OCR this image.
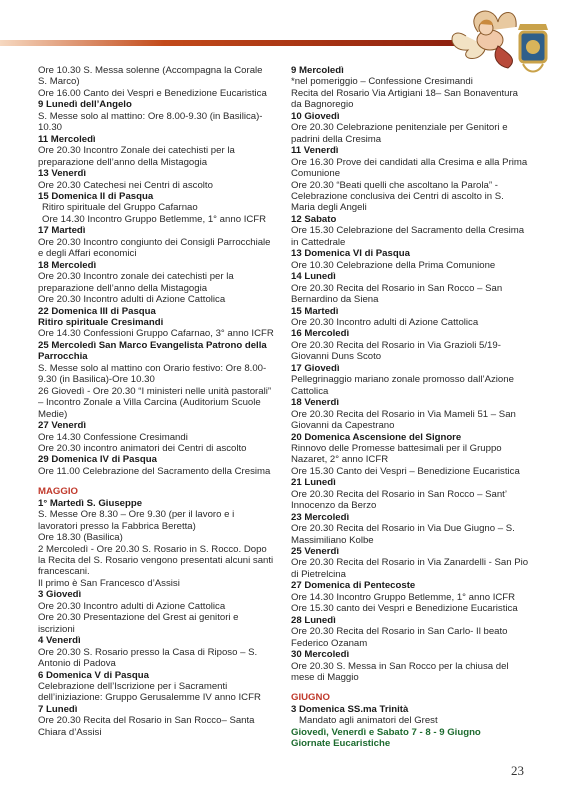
Ore 10.30 S. Messa solenne (Accompagna la Corale S. Marco)

Ore 16.00 Canto dei Vespri e Benedizione Eucaristica

9 Lunedì dell’Angelo

S. Messe solo al mattino: Ore 8.00-9.30 (in Basilica)- 10.30

11 Mercoledì

Ore 20.30 Incontro Zonale dei catechisti per la preparazione dell’anno della Mistagogia

13 Venerdì

Ore 20.30 Catechesi nei Centri di ascolto

15 Domenica II di Pasqua

Ritiro spirituale del Gruppo Cafarnao

Ore 14.30 Incontro Gruppo Betlemme, 1° anno ICFR

17 Martedì

Ore 20.30 Incontro congiunto dei Consigli Parrocchiale e degli Affari economici

18 Mercoledì

Ore 20.30 Incontro zonale dei catechisti per la preparazione dell’anno della Mistagogia

Ore 20.30 Incontro adulti di Azione Cattolica

22 Domenica III di Pasqua

Ritiro spirituale Cresimandi

Ore 14.30 Confessioni Gruppo Cafarnao, 3° anno ICFR

25 Mercoledì San Marco Evangelista Patrono della Parrocchia

S. Messe solo al mattino con Orario festivo: Ore 8.00-9.30 (in Basilica)-Ore 10.30

26 Giovedì - Ore 20.30 “I ministeri nelle unità pastorali” – Incontro Zonale a Villa Carcina (Auditorium Scuole Medie)

27 Venerdì

Ore 14.30 Confessione Cresimandi

Ore 20.30 incontro animatori dei Centri di ascolto

29 Domenica IV di Pasqua

Ore 11.00 Celebrazione del Sacramento della Cresima

MAGGIO

1° Martedì S. Giuseppe

S. Messe Ore 8.30 – Ore 9.30 (per il lavoro e i lavoratori presso la Fabbrica Beretta)

Ore 18.30 (Basilica)

2 Mercoledì - Ore 20.30 S. Rosario in S. Rocco. Dopo la Recita del S. Rosario vengono presentati alcuni santi francescani.

Il primo è San Francesco d’Assisi

3 Giovedì

Ore 20.30 Incontro adulti di Azione Cattolica

Ore 20.30 Presentazione del Grest ai genitori e iscrizioni

4 Venerdì

Ore 20.30 S. Rosario presso la Casa di Riposo – S. Antonio di Padova

6 Domenica V di Pasqua

Celebrazione dell’Iscrizione per i Sacramenti dell’iniziazione: Gruppo Gerusalemme IV anno ICFR

7 Lunedì

Ore 20.30 Recita del Rosario in San Rocco– Santa Chiara d’Assisi

9 Mercoledì

*nel pomeriggio – Confessione Cresimandi

Recita del Rosario Via Artigiani 18– San Bonaventura da Bagnoregio

10 Giovedì

Ore 20.30 Celebrazione penitenziale per Genitori e padrini della Cresima

11 Venerdì

Ore 16.30 Prove dei candidati alla Cresima e alla Prima Comunione

Ore 20.30 “Beati quelli che ascoltano la Parola” - Celebrazione conclusiva dei Centri di ascolto in S. Maria degli Angeli

12 Sabato

Ore 15.30 Celebrazione del Sacramento della Cresima in Cattedrale

13 Domenica VI di Pasqua

Ore 10.30 Celebrazione della Prima Comunione

14 Lunedì

Ore 20.30 Recita del Rosario in San Rocco – San Bernardino da Siena

15 Martedì

Ore 20.30 Incontro adulti di Azione Cattolica

16 Mercoledì

Ore 20.30 Recita del Rosario in Via Grazioli 5/19- Giovanni Duns Scoto

17 Giovedì

Pellegrinaggio mariano zonale promosso dall’Azione Cattolica

18 Venerdì

Ore 20.30 Recita del Rosario in Via Mameli 51 – San Giovanni da Capestrano

20 Domenica Ascensione del Signore

Rinnovo delle Promesse battesimali per il Gruppo Nazaret, 2° anno ICFR

Ore 15.30 Canto dei Vespri – Benedizione Eucaristica

21 Lunedì

Ore 20.30 Recita del Rosario in San Rocco – Sant’ Innocenzo da Berzo

23 Mercoledì

Ore 20.30 Recita del Rosario in Via Due Giugno – S. Massimiliano Kolbe

25 Venerdì

Ore 20.30 Recita del Rosario in Via Zanardelli - San Pio di Pietrelcina

27 Domenica di Pentecoste

Ore 14.30 Incontro Gruppo Betlemme, 1° anno ICFR

Ore 15.30 canto dei Vespri e Benedizione Eucaristica

28 Lunedì

Ore 20.30 Recita del Rosario in San Carlo- Il beato Federico Ozanam

30 Mercoledì

Ore 20.30 S. Messa in San Rocco per la chiusa del mese di Maggio

GIUGNO

3 Domenica SS.ma Trinità

Mandato agli animatori del Grest

Giovedì, Venerdì e Sabato 7 - 8 - 9 Giugno

Giornate Eucaristiche

23
